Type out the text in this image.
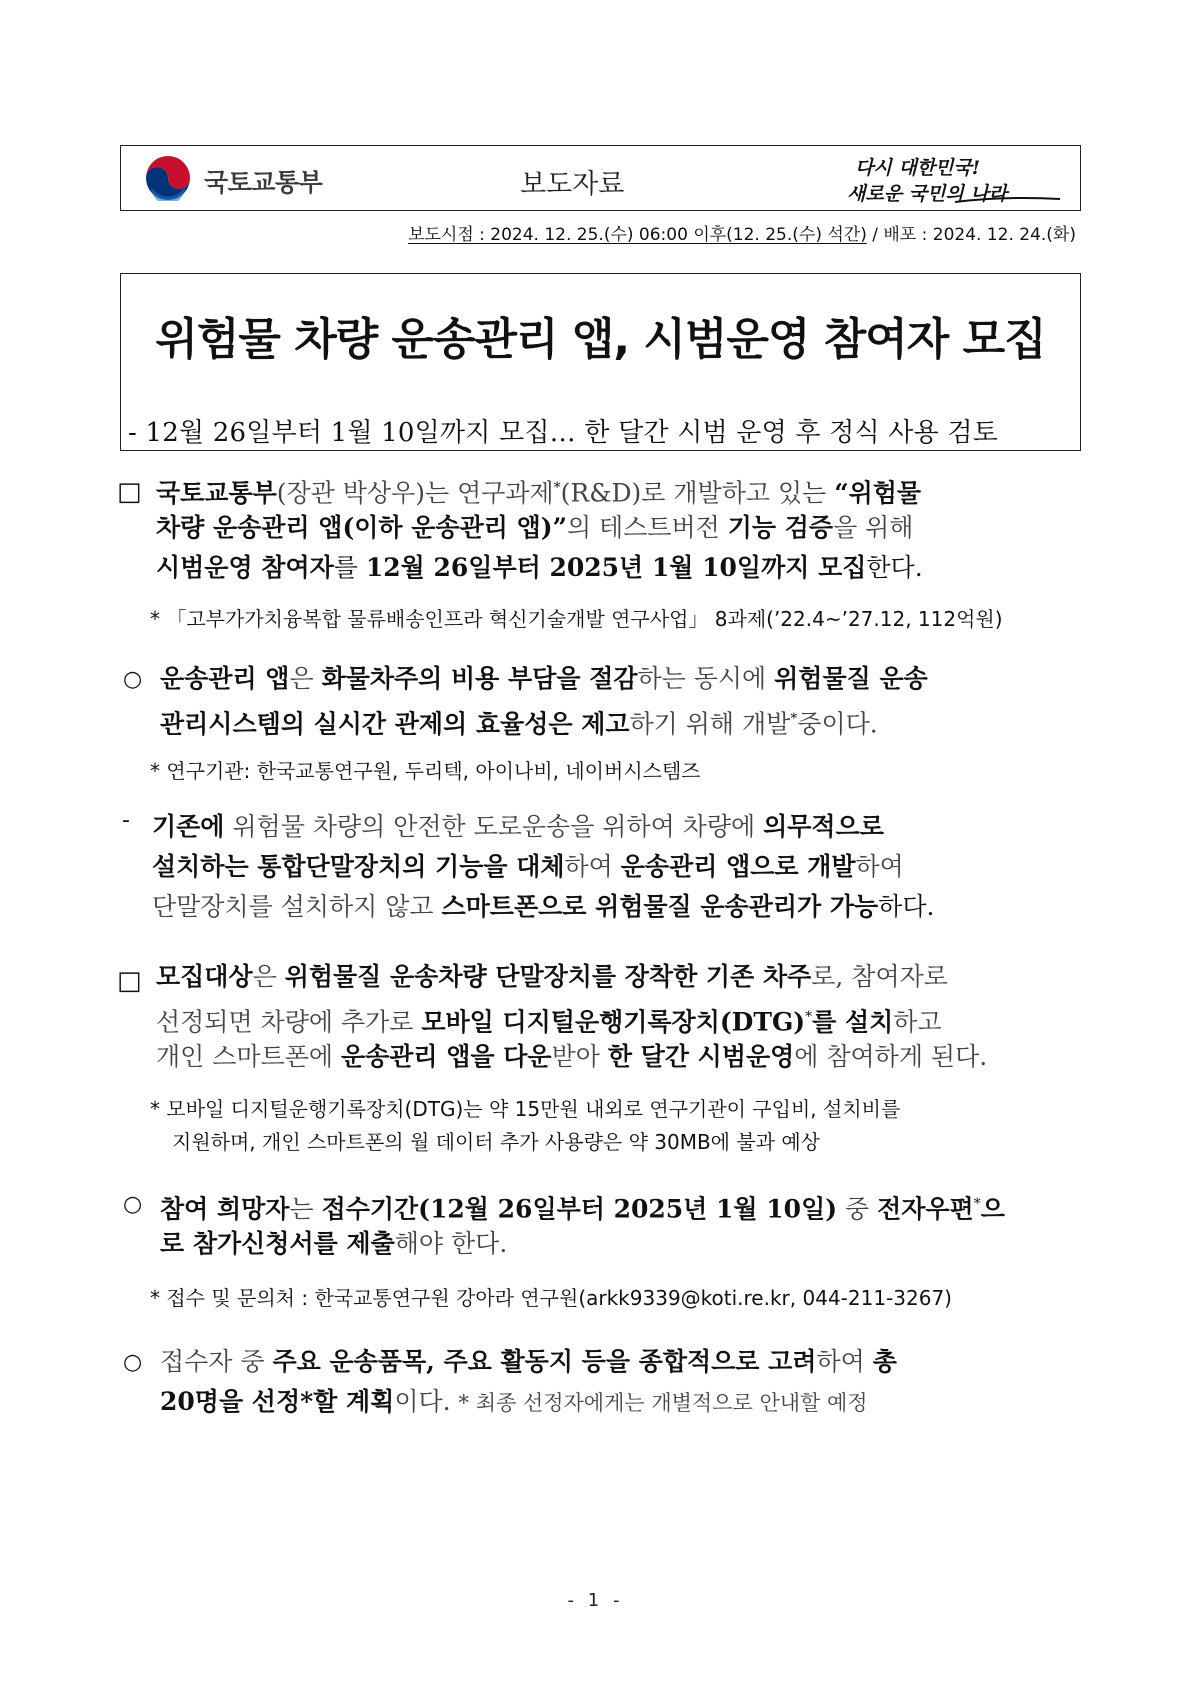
국토교통부	보도자료
다시 대한민국!
새로운 국민의 나라
보도시점 : 2024. 12. 25.(수) 06:00 이후(12. 25.(수) 석간) / 배포 : 2024. 12. 24.(화)
위험물 차량 운송관리 앱, 시범운영 참여자 모집
- 12월 26일부터 1월 10일까지 모집… 한 달간 시범 운영 후 정식 사용 검토
□ 국토교통부(장관 박상우)는 연구과제*(R&D)로 개발하고 있는 “위험물
차량 운송관리 앱(이하 운송관리 앱)”의 테스트버전 기능 검증을 위해
시범운영 참여자를 12월 26일부터 2025년 1월 10일까지 모집한다.
* 「고부가가치융복합 물류배송인프라 혁신기술개발 연구사업」 8과제(’22.4~’27.12, 112억원)
○ 운송관리 앱은 화물차주의 비용 부담을 절감하는 동시에 위험물질 운송
관리시스템의 실시간 관제의 효율성은 제고하기 위해 개발*중이다.
* 연구기관: 한국교통연구원, 두리텍, 아이나비, 네이버시스템즈
- 기존에 위험물 차량의 안전한 도로운송을 위하여 차량에 의무적으로
설치하는 통합단말장치의 기능을 대체하여 운송관리 앱으로 개발하여
단말장치를 설치하지 않고 스마트폰으로 위험물질 운송관리가 가능하다.
□ 모집대상은 위험물질 운송차량 단말장치를 장착한 기존 차주로, 참여자로
선정되면 차량에 추가로 모바일 디지털운행기록장치(DTG)*를 설치하고
개인 스마트폰에 운송관리 앱을 다운받아 한 달간 시범운영에 참여하게 된다.
* 모바일 디지털운행기록장치(DTG)는 약 15만원 내외로 연구기관이 구입비, 설치비를
지원하며, 개인 스마트폰의 월 데이터 추가 사용량은 약 30MB에 불과 예상
○ 참여 희망자는 접수기간(12월 26일부터 2025년 1월 10일) 중 전자우편*으
로 참가신청서를 제출해야 한다.
* 접수 및 문의처 : 한국교통연구원 강아라 연구원(arkk9339@koti.re.kr, 044-211-3267)
○ 접수자 중 주요 운송품목, 주요 활동지 등을 종합적으로 고려하여 총
20명을 선정*할 계획이다. * 최종 선정자에게는 개별적으로 안내할 예정
- 1 -
